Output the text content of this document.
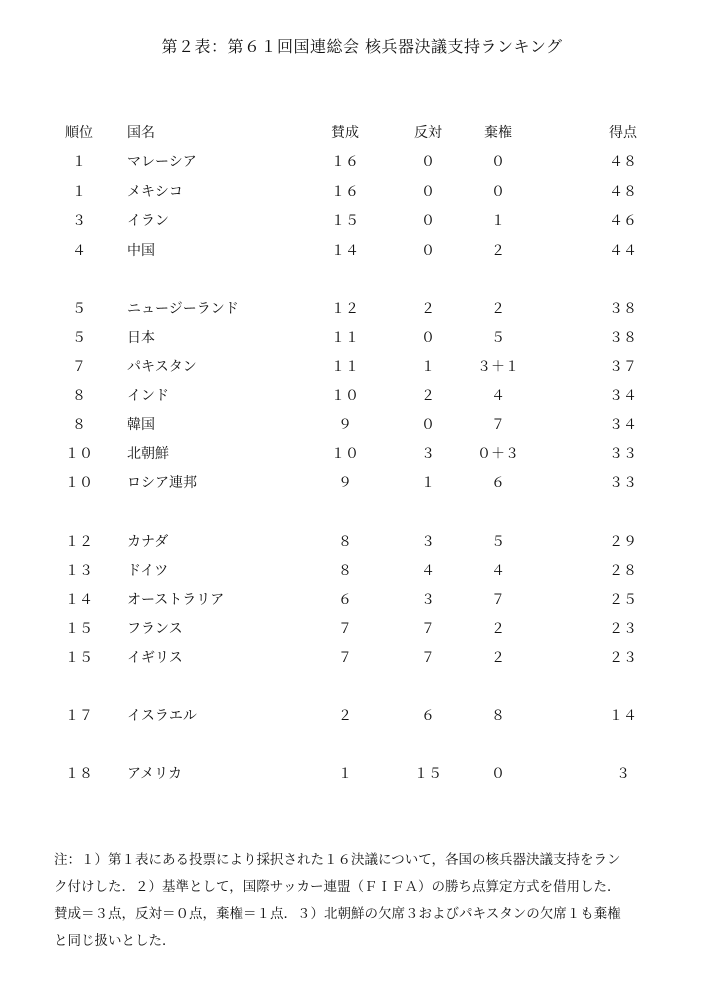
第２表：第６１回国連総会 核兵器決議支持ランキング
順位	国名	賛成	反対	棄権	得点
１	マレーシア	１６	０	０	４８
１	メキシコ	１６	０	０	４８
３	イラン	１５	０	１	４６
４	中国	１４	０	２	４４
５	ニュージーランド	１２	２	２	３８
５	日本	１１	０	５	３８
７	パキスタン	１１	１	３＋１	３７
８	インド	１０	２	４	３４
８	韓国	９	０	７	３４
１０	北朝鮮	１０	３	０＋３	３３
１０	ロシア連邦	９	１	６	３３
１２	カナダ	８	３	５	２９
１３	ドイツ	８	４	４	２８
１４	オーストラリア	６	３	７	２５
１５	フランス	７	７	２	２３
１５	イギリス	７	７	２	２３
１７	イスラエル	２	６	８	１４
１８	アメリカ	１	１５	０	３

注：１）第１表にある投票により採択された１６決議について，各国の核兵器決議支持をラン

ク付けした．２）基準として，国際サッカー連盟（ＦＩＦＡ）の勝ち点算定方式を借用した．

賛成＝３点，反対＝０点，棄権＝１点．３）北朝鮮の欠席３およびパキスタンの欠席１も棄権

と同じ扱いとした．
